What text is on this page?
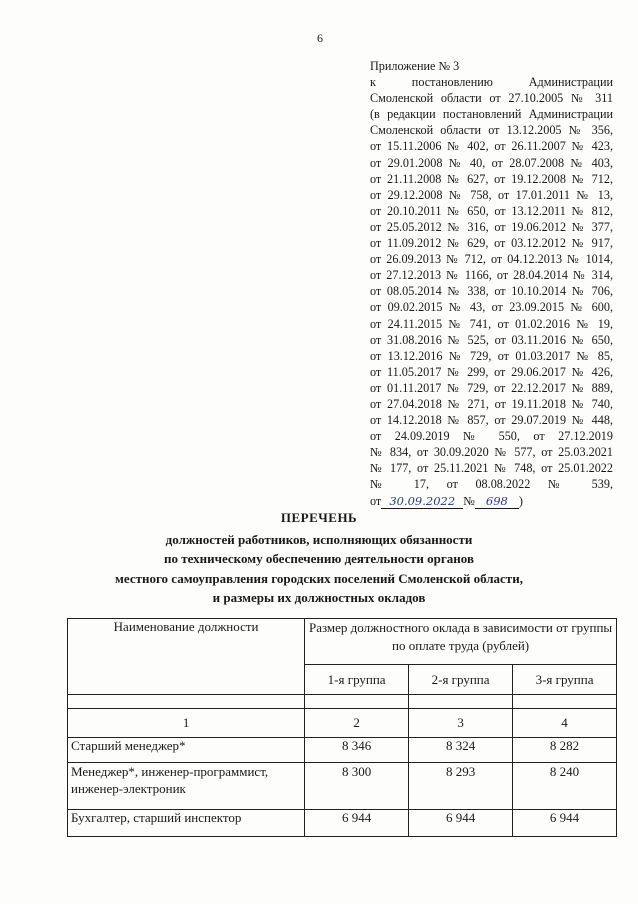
6
Приложение № 3
к постановлению Администрации
Смоленской области от 27.10.2005 № 311
(в редакции постановлений Администрации
Смоленской области от 13.12.2005 № 356,
от 15.11.2006 № 402, от 26.11.2007 № 423,
от 29.01.2008 № 40, от 28.07.2008 № 403,
от 21.11.2008 № 627, от 19.12.2008 № 712,
от 29.12.2008 № 758, от 17.01.2011 № 13,
от 20.10.2011 № 650, от 13.12.2011 № 812,
от 25.05.2012 № 316, от 19.06.2012 № 377,
от 11.09.2012 № 629, от 03.12.2012 № 917,
от 26.09.2013 № 712, от 04.12.2013 № 1014,
от 27.12.2013 № 1166, от 28.04.2014 № 314,
от 08.05.2014 № 338, от 10.10.2014 № 706,
от 09.02.2015 № 43, от 23.09.2015 № 600,
от 24.11.2015 № 741, от 01.02.2016 № 19,
от 31.08.2016 № 525, от 03.11.2016 № 650,
от 13.12.2016 № 729, от 01.03.2017 № 85,
от 11.05.2017 № 299, от 29.06.2017 № 426,
от 01.11.2017 № 729, от 22.12.2017 № 889,
от 27.04.2018 № 271, от 19.11.2018 № 740,
от 14.12.2018 № 857, от 29.07.2019 № 448,
от 24.09.2019 № 550, от 27.12.2019
№ 834, от 30.09.2020 № 577, от 25.03.2021
№ 177, от 25.11.2021 № 748, от 25.01.2022
№ 17, от 08.08.2022 № 539,
от 30.09.2022 № 698 )
ПЕРЕЧЕНЬ
должностей работников, исполняющих обязанности
по техническому обеспечению деятельности органов
местного самоуправления городских поселений Смоленской области,
и размеры их должностных окладов
Наименование должности	Размер должностного оклада в зависимости от группы по оплате труда (рублей)		
	1-я группа	2-я группа	3-я группа

1	2	3	4
Старший менеджер*	8 346	8 324	8 282
Менеджер*, инженер-программист, инженер-электроник	8 300	8 293	8 240
Бухгалтер, старший инспектор	6 944	6 944	6 944
